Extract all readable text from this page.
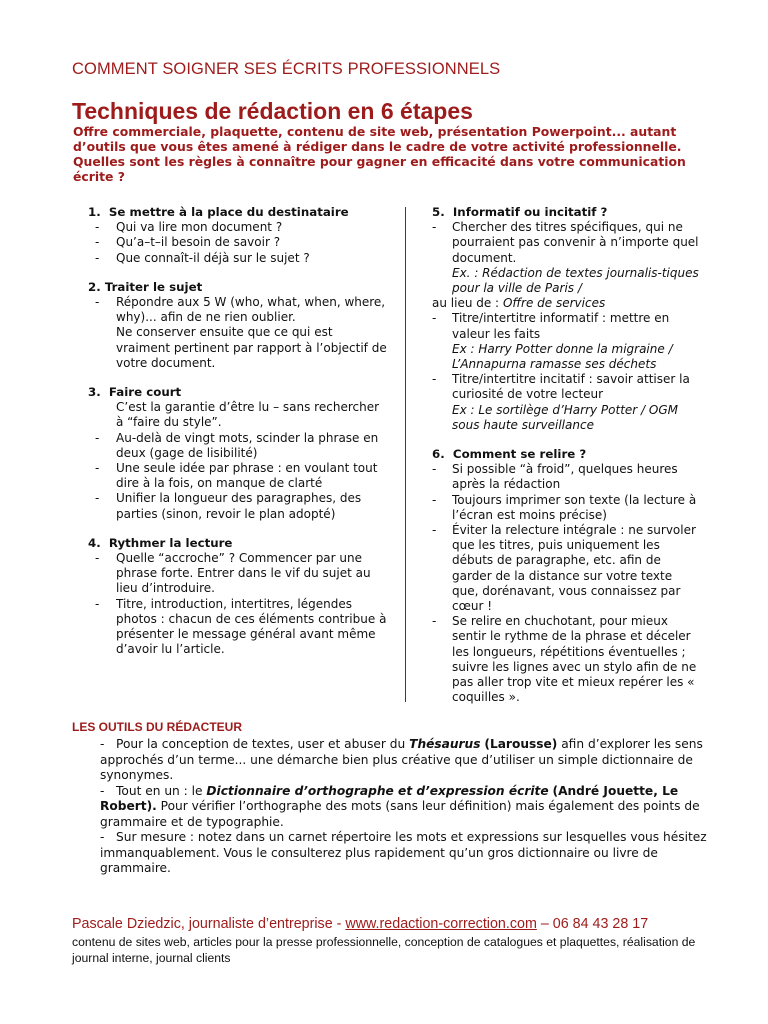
COMMENT SOIGNER SES ÉCRITS PROFESSIONNELS
Techniques de rédaction en 6 étapes
Offre commerciale, plaquette, contenu de site web, présentation Powerpoint... autant d’outils que vous êtes amené à rédiger dans le cadre de votre activité professionnelle. Quelles sont les règles à connaître pour gagner en efficacité dans votre communication écrite ?

1. Se mettre à la place du destinataire

- Qui va lire mon document ?
- Qu’a–t–il besoin de savoir ?
- Que connaît-il déjà sur le sujet ?

2. Traiter le sujet

- Répondre aux 5 W (who, what, when, where, why)... afin de ne rien oublier.
Ne conserver ensuite que ce qui est vraiment pertinent par rapport à l’objectif de votre document.

3. Faire court

C’est la garantie d’être lu – sans rechercher à “faire du style”.
- Au-delà de vingt mots, scinder la phrase en deux (gage de lisibilité)
- Une seule idée par phrase : en voulant tout dire à la fois, on manque de clarté
- Unifier la longueur des paragraphes, des parties (sinon, revoir le plan adopté)

4. Rythmer la lecture

- Quelle “accroche” ? Commencer par une phrase forte. Entrer dans le vif du sujet au lieu d’introduire.
- Titre, introduction, intertitres, légendes photos : chacun de ces éléments contribue à présenter le message général avant même d’avoir lu l’article.

5. Informatif ou incitatif ?

- Chercher des titres spécifiques, qui ne pourraient pas convenir à n’importe quel document.
Ex. : Rédaction de textes journalis-tiques pour la ville de Paris /
au lieu de : Offre de services
- Titre/intertitre informatif : mettre en valeur les faits
Ex : Harry Potter donne la migraine / L’Annapurna ramasse ses déchets
- Titre/intertitre incitatif : savoir attiser la curiosité de votre lecteur
Ex : Le sortilège d’Harry Potter / OGM sous haute surveillance

6. Comment se relire ?

- Si possible “à froid”, quelques heures après la rédaction
- Toujours imprimer son texte (la lecture à l’écran est moins précise)
- Éviter la relecture intégrale : ne survoler que les titres, puis uniquement les débuts de paragraphe, etc. afin de garder de la distance sur votre texte que, dorénavant, vous connaissez par cœur !
- Se relire en chuchotant, pour mieux sentir le rythme de la phrase et déceler les longueurs, répétitions éventuelles ; suivre les lignes avec un stylo afin de ne pas aller trop vite et mieux repérer les « coquilles ».
LES OUTILS DU RÉDACTEUR

- Pour la conception de textes, user et abuser du Thésaurus (Larousse) afin d’explorer les sens approchés d’un terme... une démarche bien plus créative que d’utiliser un simple dictionnaire de synonymes.

- Tout en un : le Dictionnaire d’orthographe et d’expression écrite (André Jouette, Le Robert). Pour vérifier l’orthographe des mots (sans leur définition) mais également des points de grammaire et de typographie.

- Sur mesure : notez dans un carnet répertoire les mots et expressions sur lesquelles vous hésitez immanquablement. Vous le consulterez plus rapidement qu’un gros dictionnaire ou livre de grammaire.

Pascale Dziedzic, journaliste d’entreprise - www.redaction-correction.com – 06 84 43 28 17
contenu de sites web, articles pour la presse professionnelle, conception de catalogues et plaquettes, réalisation de journal interne, journal clients
